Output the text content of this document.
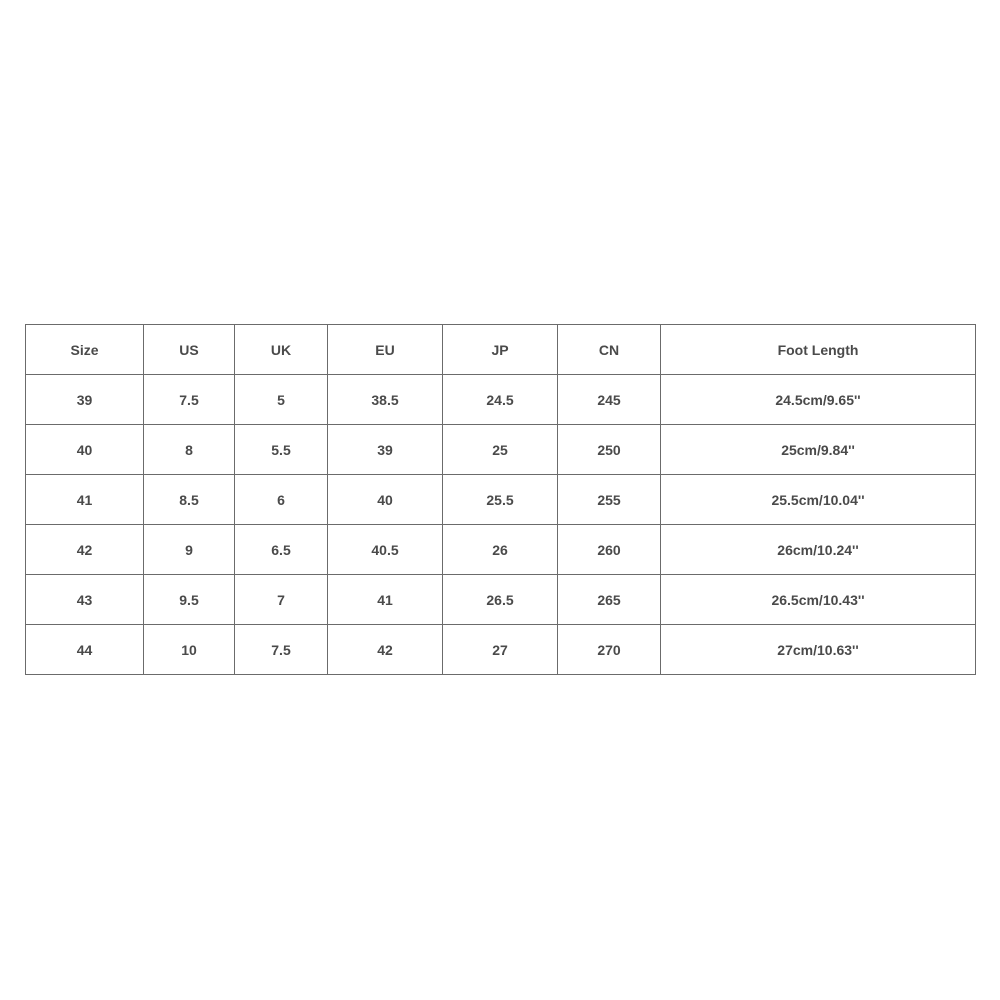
Size	US	UK	EU	JP	CN	Foot Length
39	7.5	5	38.5	24.5	245	24.5cm/9.65''
40	8	5.5	39	25	250	25cm/9.84''
41	8.5	6	40	25.5	255	25.5cm/10.04''
42	9	6.5	40.5	26	260	26cm/10.24''
43	9.5	7	41	26.5	265	26.5cm/10.43''
44	10	7.5	42	27	270	27cm/10.63''
